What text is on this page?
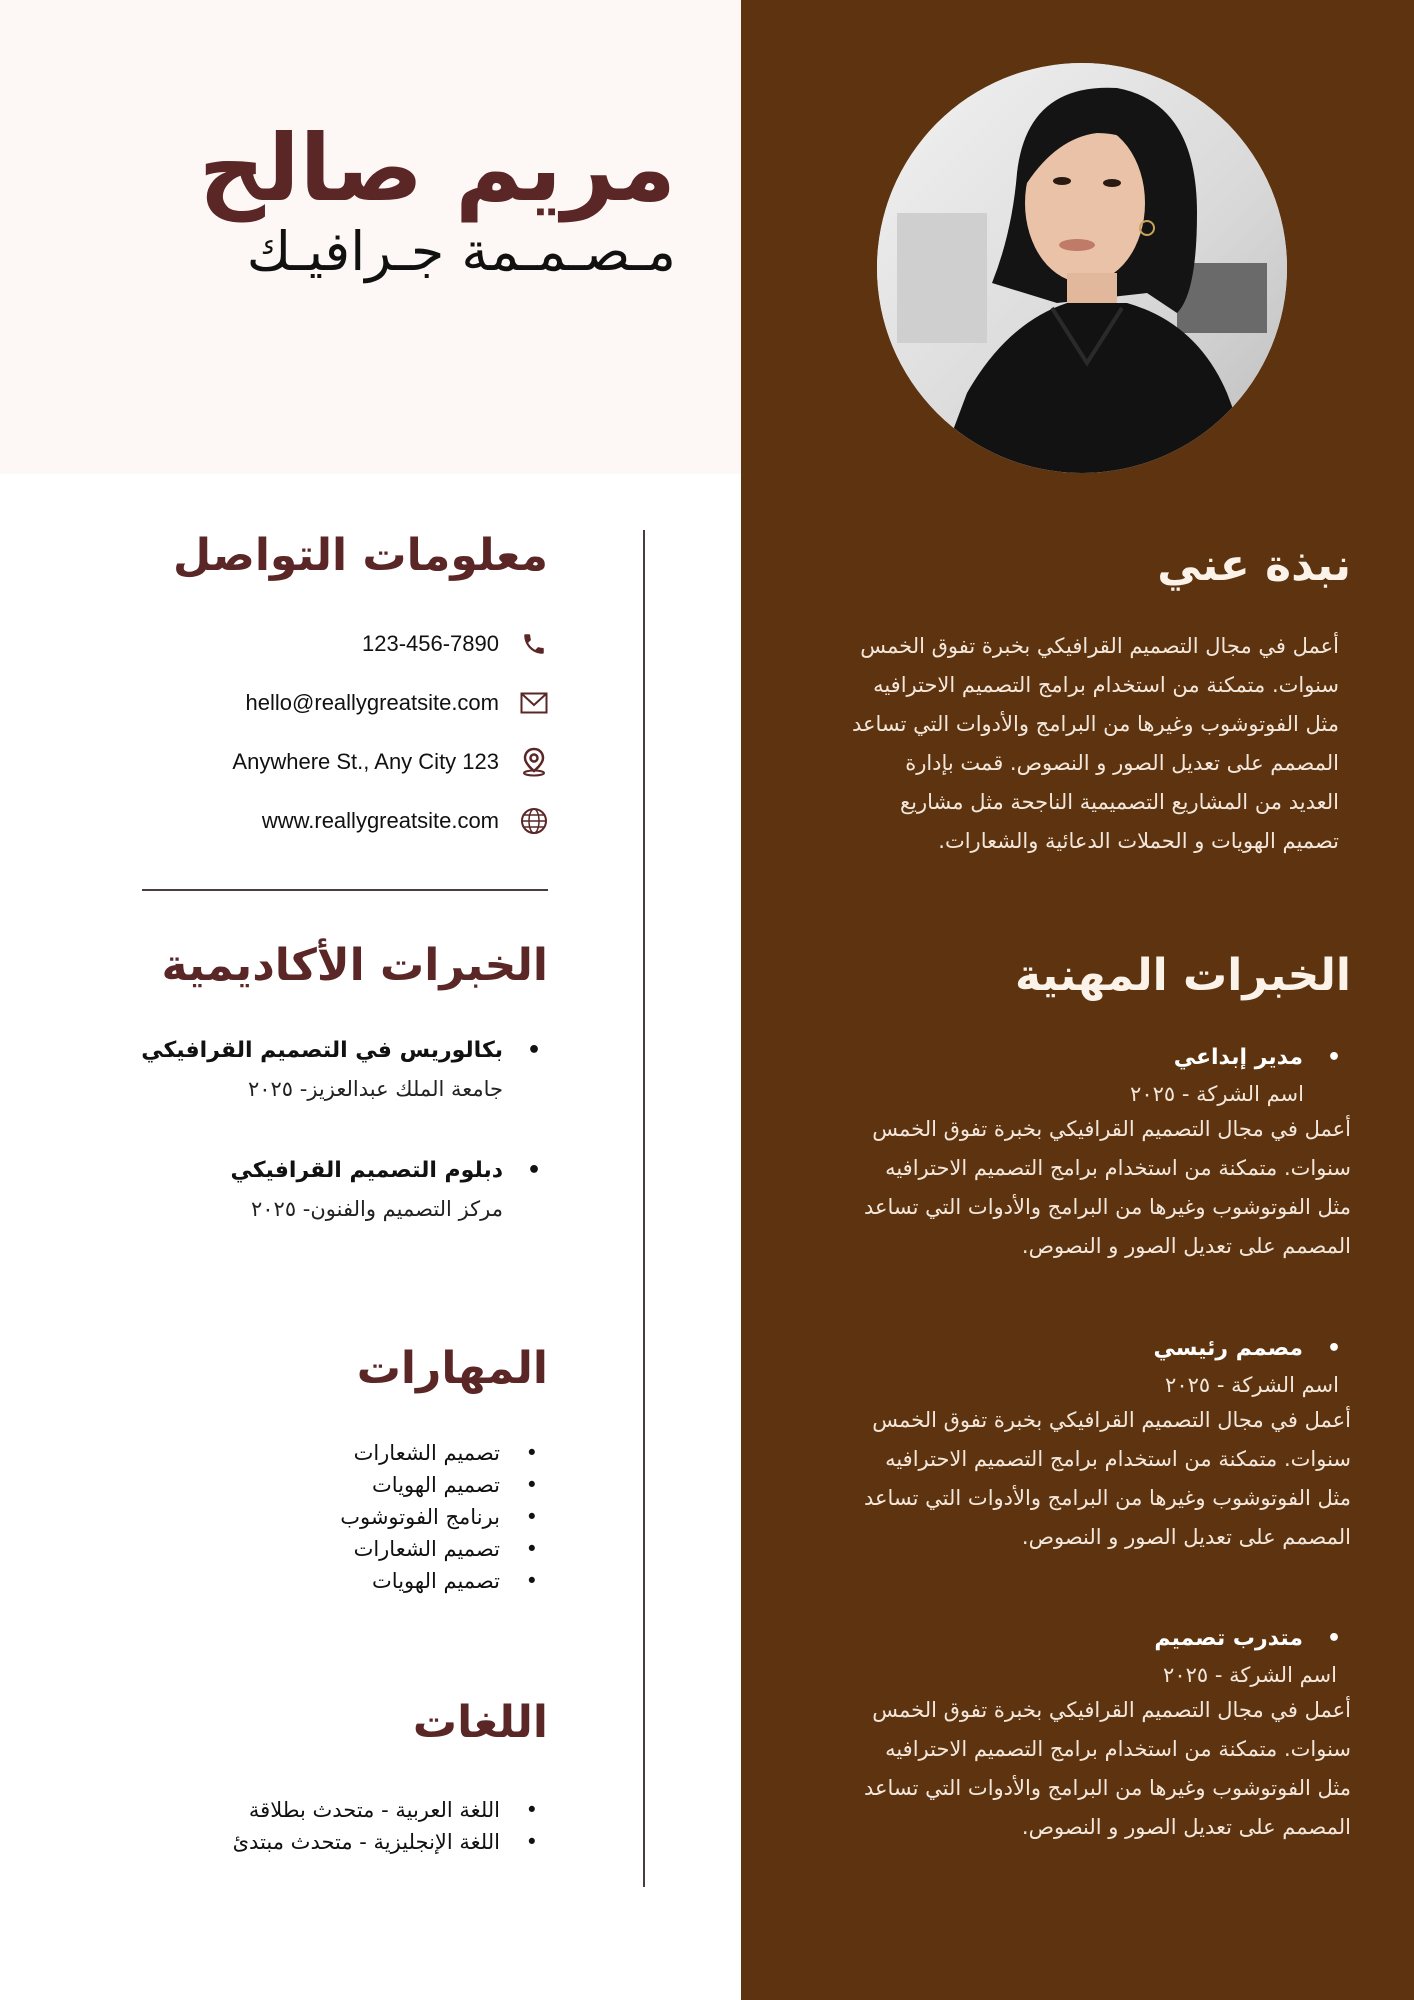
مريم صالح
مـصـمـمة جـرافيـك
معلومات التواصل
123-456-7890
hello@reallygreatsite.com
Anywhere St., Any City 123
www.reallygreatsite.com
الخبرات الأكاديمية
• بكالوريس في التصميم القرافيكي
جامعة الملك عبدالعزيز- ٢٠٢٥
• دبلوم التصميم القرافيكي
مركز التصميم والفنون- ٢٠٢٥
المهارات
• تصميم الشعارات
• تصميم الهويات
• برنامج الفوتوشوب
• تصميم الشعارات
• تصميم الهويات
اللغات
• اللغة العربية - متحدث بطلاقة
• اللغة الإنجليزية - متحدث مبتدئ
نبذة عني
أعمل في مجال التصميم القرافيكي بخبرة تفوق الخمس
سنوات. متمكنة من استخدام برامج التصميم الاحترافيه
مثل الفوتوشوب وغيرها من البرامج والأدوات التي تساعد
المصمم على تعديل الصور و النصوص. قمت بإدارة
العديد من المشاريع التصميمية الناجحة مثل مشاريع
تصميم الهويات و الحملات الدعائية والشعارات.
الخبرات المهنية
• مدير إبداعي
اسم الشركة - ٢٠٢٥
أعمل في مجال التصميم القرافيكي بخبرة تفوق الخمس
سنوات. متمكنة من استخدام برامج التصميم الاحترافيه
مثل الفوتوشوب وغيرها من البرامج والأدوات التي تساعد
المصمم على تعديل الصور و النصوص.
• مصمم رئيسي
اسم الشركة - ٢٠٢٥
أعمل في مجال التصميم القرافيكي بخبرة تفوق الخمس
سنوات. متمكنة من استخدام برامج التصميم الاحترافيه
مثل الفوتوشوب وغيرها من البرامج والأدوات التي تساعد
المصمم على تعديل الصور و النصوص.
• متدرب تصميم
اسم الشركة - ٢٠٢٥
أعمل في مجال التصميم القرافيكي بخبرة تفوق الخمس
سنوات. متمكنة من استخدام برامج التصميم الاحترافيه
مثل الفوتوشوب وغيرها من البرامج والأدوات التي تساعد
المصمم على تعديل الصور و النصوص.
